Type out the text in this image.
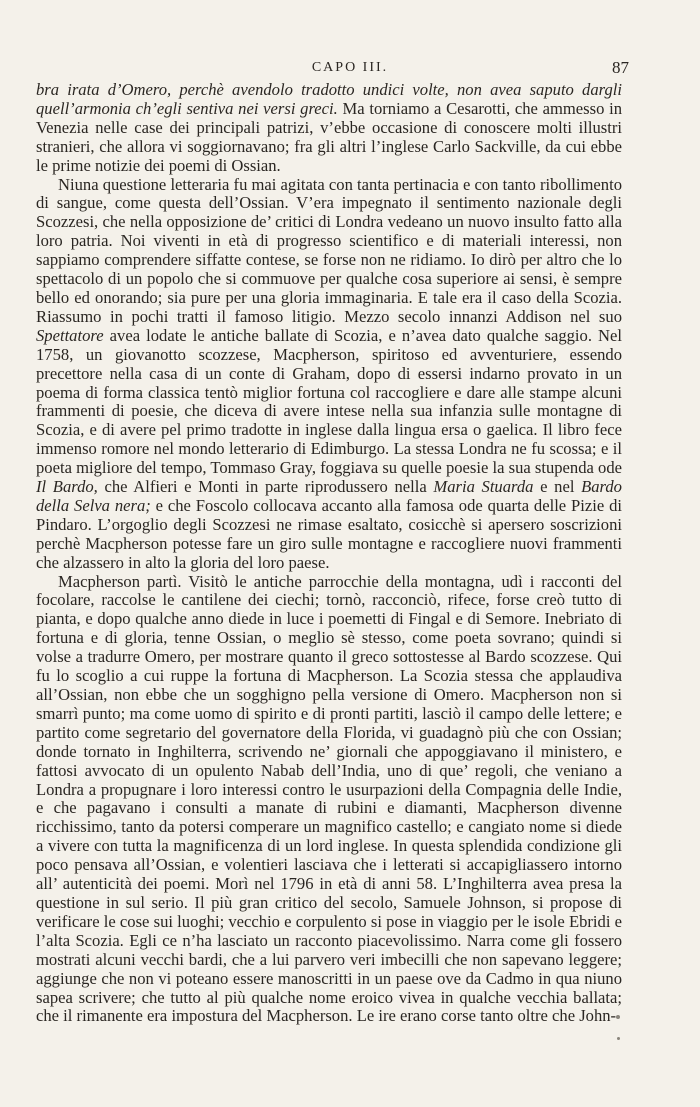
CAPO III.	87

bra irata d’Omero, perchè avendolo tradotto undici volte, non avea saputo dargli quell’armonia ch’egli sentiva nei versi greci. Ma torniamo a Cesarotti, che ammesso in Venezia nelle case dei principali patrizi, v’ebbe occasione di conoscere molti illustri stranieri, che allora vi soggiornavano; fra gli altri l’inglese Carlo Sackville, da cui ebbe le prime notizie dei poemi di Ossian.

Niuna questione letteraria fu mai agitata con tanta pertinacia e con tanto ribollimento di sangue, come questa dell’Ossian. V’era impegnato il sentimento nazionale degli Scozzesi, che nella opposizione de’ critici di Londra vedeano un nuovo insulto fatto alla loro patria. Noi viventi in età di progresso scientifico e di materiali interessi, non sappiamo comprendere siffatte contese, se forse non ne ridiamo. Io dirò per altro che lo spettacolo di un popolo che si commuove per qualche cosa superiore ai sensi, è sempre bello ed onorando; sia pure per una gloria immaginaria. E tale era il caso della Scozia. Riassumo in pochi tratti il famoso litigio. Mezzo secolo innanzi Addison nel suo Spettatore avea lodate le antiche ballate di Scozia, e n’avea dato qualche saggio. Nel 1758, un giovanotto scozzese, Macpherson, spiritoso ed avventuriere, essendo precettore nella casa di un conte di Graham, dopo di essersi indarno provato in un poema di forma classica tentò miglior fortuna col raccogliere e dare alle stampe alcuni frammenti di poesie, che diceva di avere intese nella sua infanzia sulle montagne di Scozia, e di avere pel primo tradotte in inglese dalla lingua ersa o gaelica. Il libro fece immenso romore nel mondo letterario di Edimburgo. La stessa Londra ne fu scossa; e il poeta migliore del tempo, Tommaso Gray, foggiava su quelle poesie la sua stupenda ode Il Bardo, che Alfieri e Monti in parte riprodussero nella Maria Stuarda e nel Bardo della Selva nera; e che Foscolo collocava accanto alla famosa ode quarta delle Pizie di Pindaro. L’orgoglio degli Scozzesi ne rimase esaltato, cosicchè si apersero soscrizioni perchè Macpherson potesse fare un giro sulle montagne e raccogliere nuovi frammenti che alzassero in alto la gloria del loro paese.

Macpherson partì. Visitò le antiche parrocchie della montagna, udì i racconti del focolare, raccolse le cantilene dei ciechi; tornò, racconciò, rifece, forse creò tutto di pianta, e dopo qualche anno diede in luce i poemetti di Fingal e di Semore. Inebriato di fortuna e di gloria, tenne Ossian, o meglio sè stesso, come poeta sovrano; quindi si volse a tradurre Omero, per mostrare quanto il greco sottostesse al Bardo scozzese. Qui fu lo scoglio a cui ruppe la fortuna di Macpherson. La Scozia stessa che applaudiva all’Ossian, non ebbe che un sogghigno pella versione di Omero. Macpherson non si smarrì punto; ma come uomo di spirito e di pronti partiti, lasciò il campo delle lettere; e partito come segretario del governatore della Florida, vi guadagnò più che con Ossian; donde tornato in Inghilterra, scrivendo ne’ giornali che appoggiavano il ministero, e fattosi avvocato di un opulento Nabab dell’India, uno di que’ regoli, che veniano a Londra a propugnare i loro interessi contro le usurpazioni della Compagnia delle Indie, e che pagavano i consulti a manate di rubini e diamanti, Macpherson divenne ricchissimo, tanto da potersi comperare un magnifico castello; e cangiato nome si diede a vivere con tutta la magnificenza di un lord inglese. In questa splendida condizione gli poco pensava all’Ossian, e volentieri lasciava che i letterati si accapigliassero intorno all’ autenticità dei poemi. Morì nel 1796 in età di anni 58. L’Inghilterra avea presa la questione in sul serio. Il più gran critico del secolo, Samuele Johnson, si propose di verificare le cose sui luoghi; vecchio e corpulento si pose in viaggio per le isole Ebridi e l’alta Scozia. Egli ce n’ha lasciato un racconto piacevolissimo. Narra come gli fossero mostrati alcuni vecchi bardi, che a lui parvero veri imbecilli che non sapevano leggere; aggiunge che non vi poteano essere manoscritti in un paese ove da Cadmo in qua niuno sapea scrivere; che tutto al più qualche nome eroico vivea in qualche vecchia ballata; che il rimanente era impostura del Macpherson. Le ire erano corse tanto oltre che John-
